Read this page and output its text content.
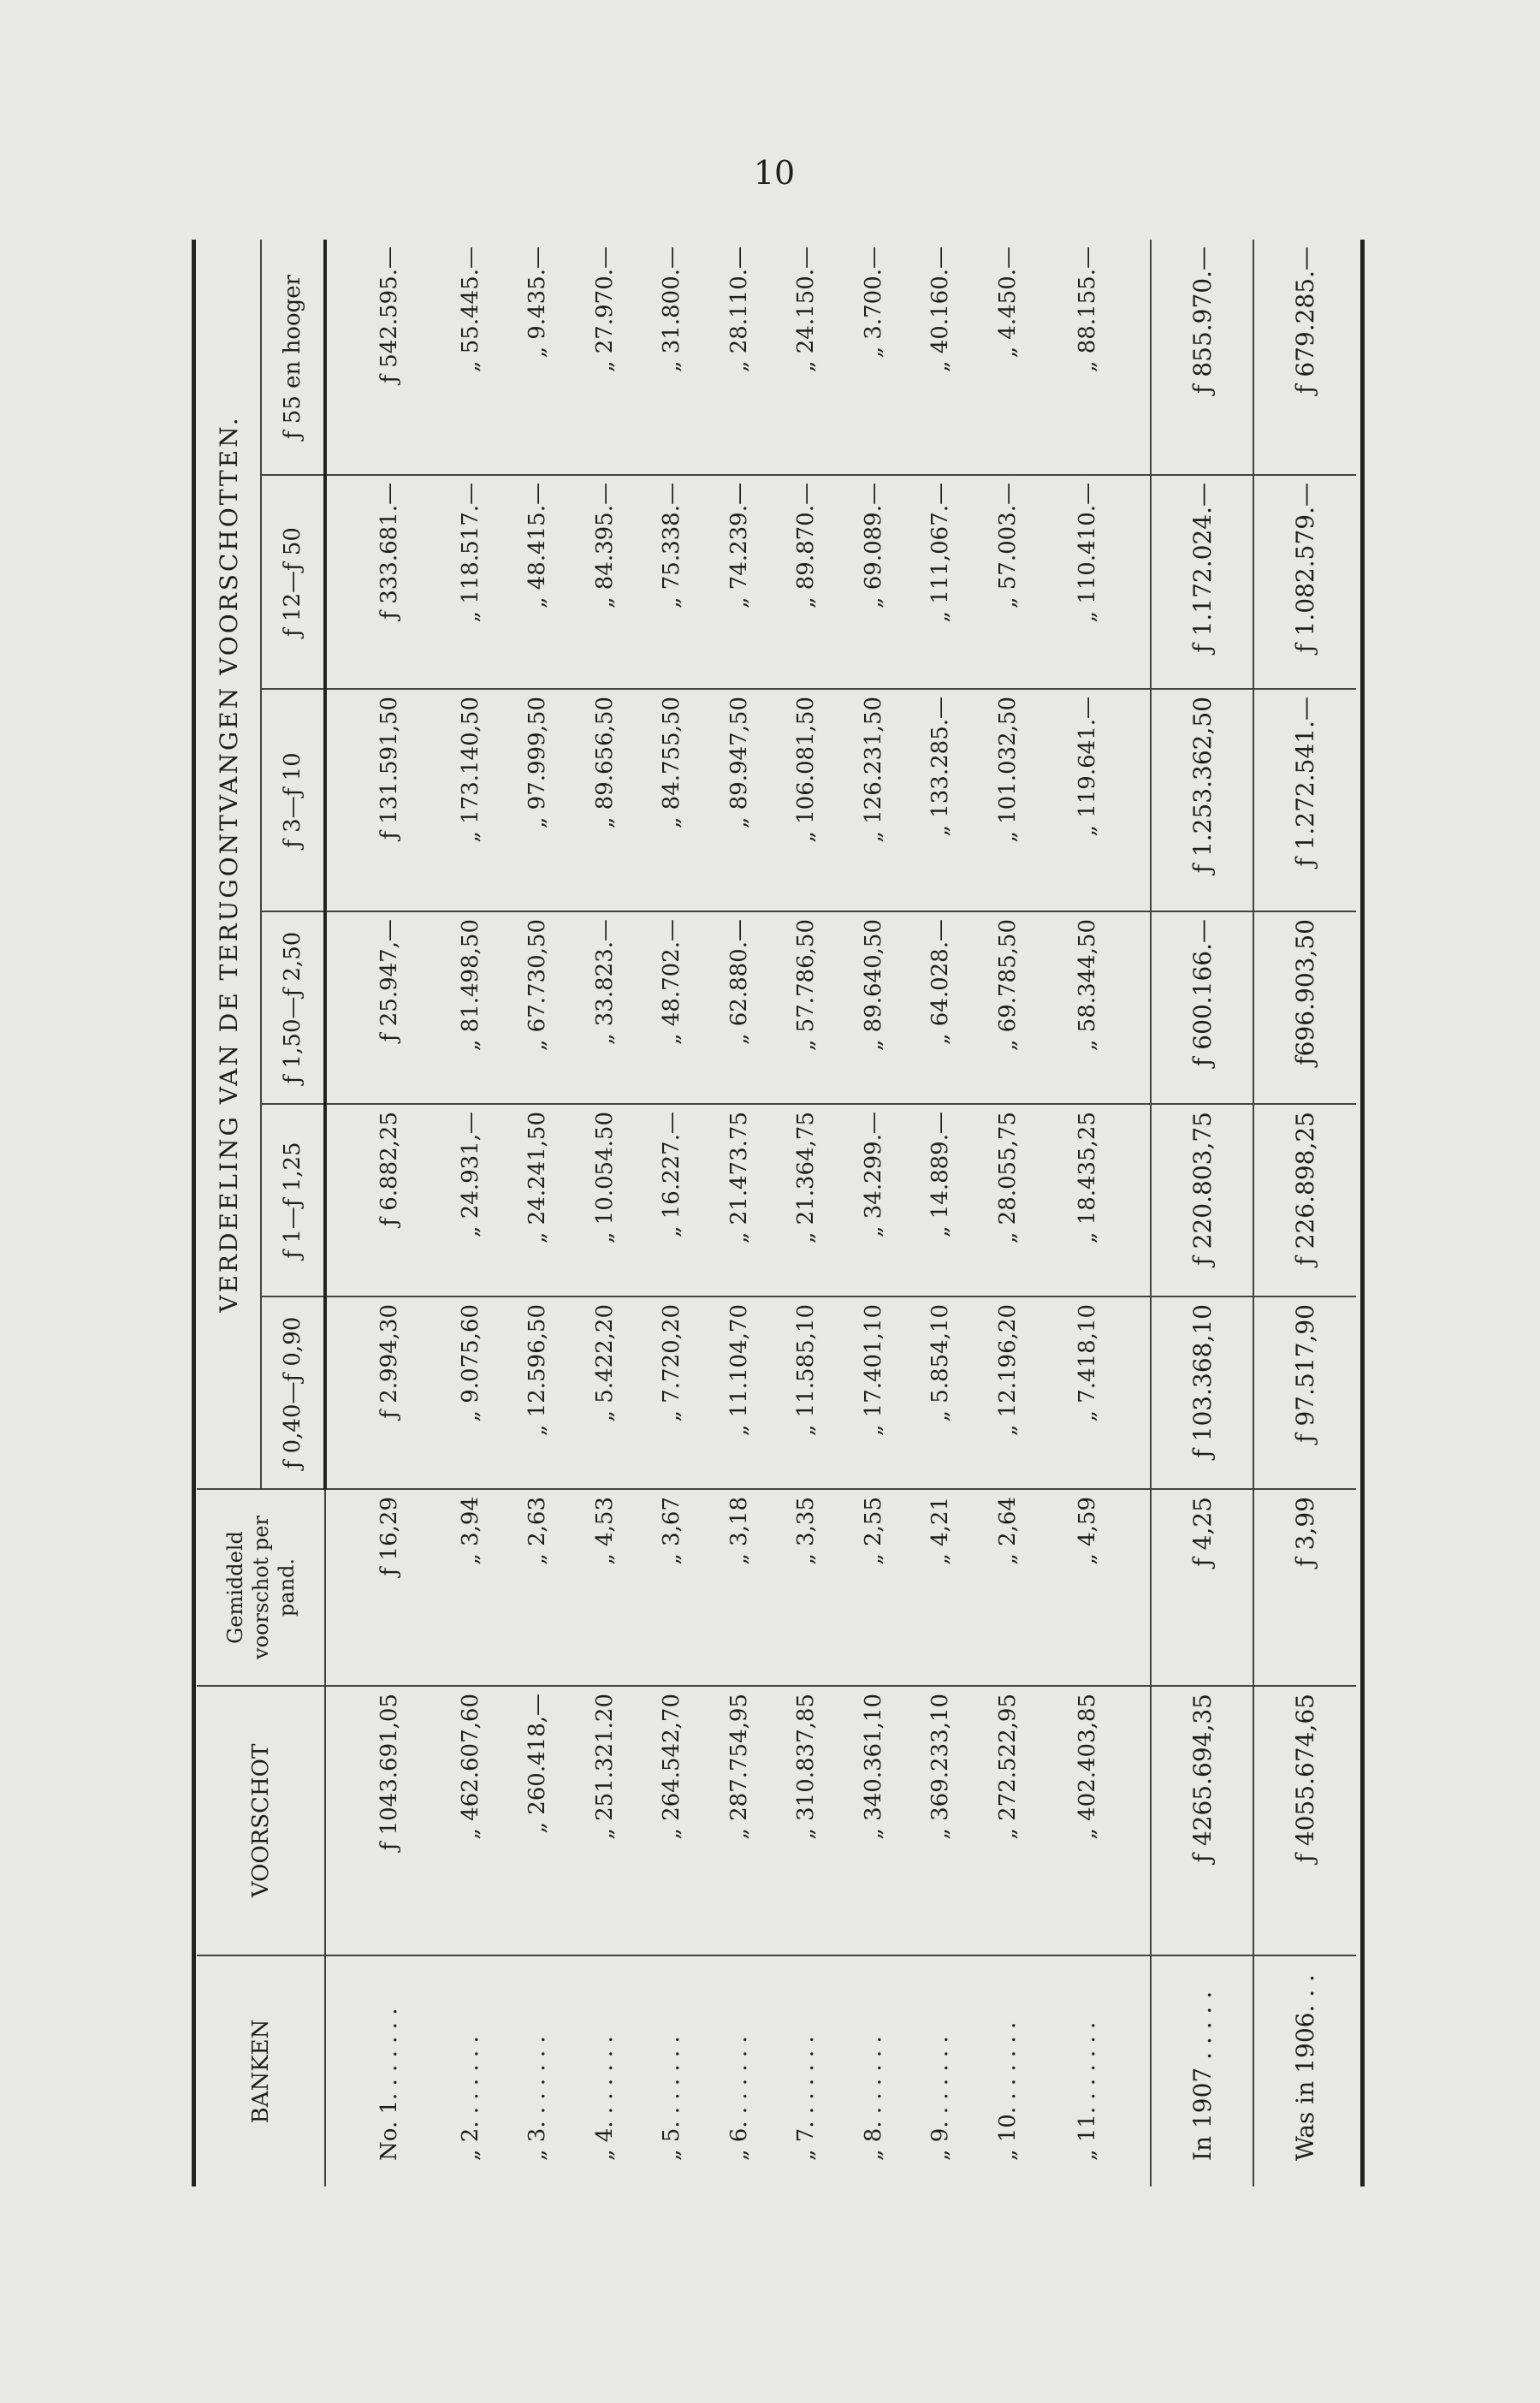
10
BANKEN	VOORSCHOT	Gemiddeld voorschot per pand.	VERDEELING VAN DE TERUGONTVANGEN VOORSCHOTTEN.					
			ƒ 0,40—ƒ 0,90	ƒ 1—ƒ 1,25	ƒ 1,50—ƒ 2,50	ƒ 3—ƒ 10	ƒ 12—ƒ 50	ƒ 55 en hooger
No. 1. . . . . . .	ƒ 1043.691,05	ƒ 16,29	ƒ 2.994,30	ƒ 6.882,25	ƒ 25.947,—	ƒ 131.591,50	ƒ 333.681.—	ƒ 542.595.—
„ 2. . . . . . .	„ 462.607,60	„ 3,94	„ 9.075,60	„ 24.931,—	„ 81.498,50	„ 173.140,50	„ 118.517.—	„ 55.445.—
„ 3. . . . . . .	„ 260.418,—	„ 2,63	„ 12.596,50	„ 24.241,50	„ 67.730,50	„ 97.999,50	„ 48.415.—	„ 9.435.—
„ 4. . . . . . .	„ 251.321.20	„ 4,53	„ 5.422,20	„ 10.054.50	„ 33.823.—	„ 89.656,50	„ 84.395.—	„ 27.970.—
„ 5. . . . . . .	„ 264.542,70	„ 3,67	„ 7.720,20	„ 16.227.—	„ 48.702.—	„ 84.755,50	„ 75.338.—	„ 31.800.—
„ 6. . . . . . .	„ 287.754,95	„ 3,18	„ 11.104,70	„ 21.473.75	„ 62.880.—	„ 89.947,50	„ 74.239.—	„ 28.110.—
„ 7. . . . . . .	„ 310.837,85	„ 3,35	„ 11.585,10	„ 21.364,75	„ 57.786,50	„ 106.081,50	„ 89.870.—	„ 24.150.—
„ 8. . . . . . .	„ 340.361,10	„ 2,55	„ 17.401,10	„ 34.299.—	„ 89.640,50	„ 126.231,50	„ 69.089.—	„ 3.700.—
„ 9. . . . . . .	„ 369.233,10	„ 4,21	„ 5.854,10	„ 14.889.—	„ 64.028.—	„ 133.285.—	„ 111,067.—	„ 40.160.—
„ 10. . . . . . .	„ 272.522,95	„ 2,64	„ 12.196,20	„ 28.055,75	„ 69.785,50	„ 101.032,50	„ 57.003.—	„ 4.450.—
„ 11. . . . . . .	„ 402.403,85	„ 4,59	„ 7.418,10	„ 18.435,25	„ 58.344,50	„ 119.641.—	„ 110.410.—	„ 88.155.—
In 1907 . . . . .	ƒ 4265.694,35	ƒ 4,25	ƒ 103.368,10	ƒ 220.803,75	ƒ 600.166.—	ƒ 1.253.362,50	ƒ 1.172.024.—	ƒ 855.970.—
Was in 1906. . .	ƒ 4055.674,65	ƒ 3,99	ƒ 97.517,90	ƒ 226.898,25	ƒ696.903,50	ƒ 1.272.541.—	ƒ 1.082.579.—	ƒ 679.285.—
